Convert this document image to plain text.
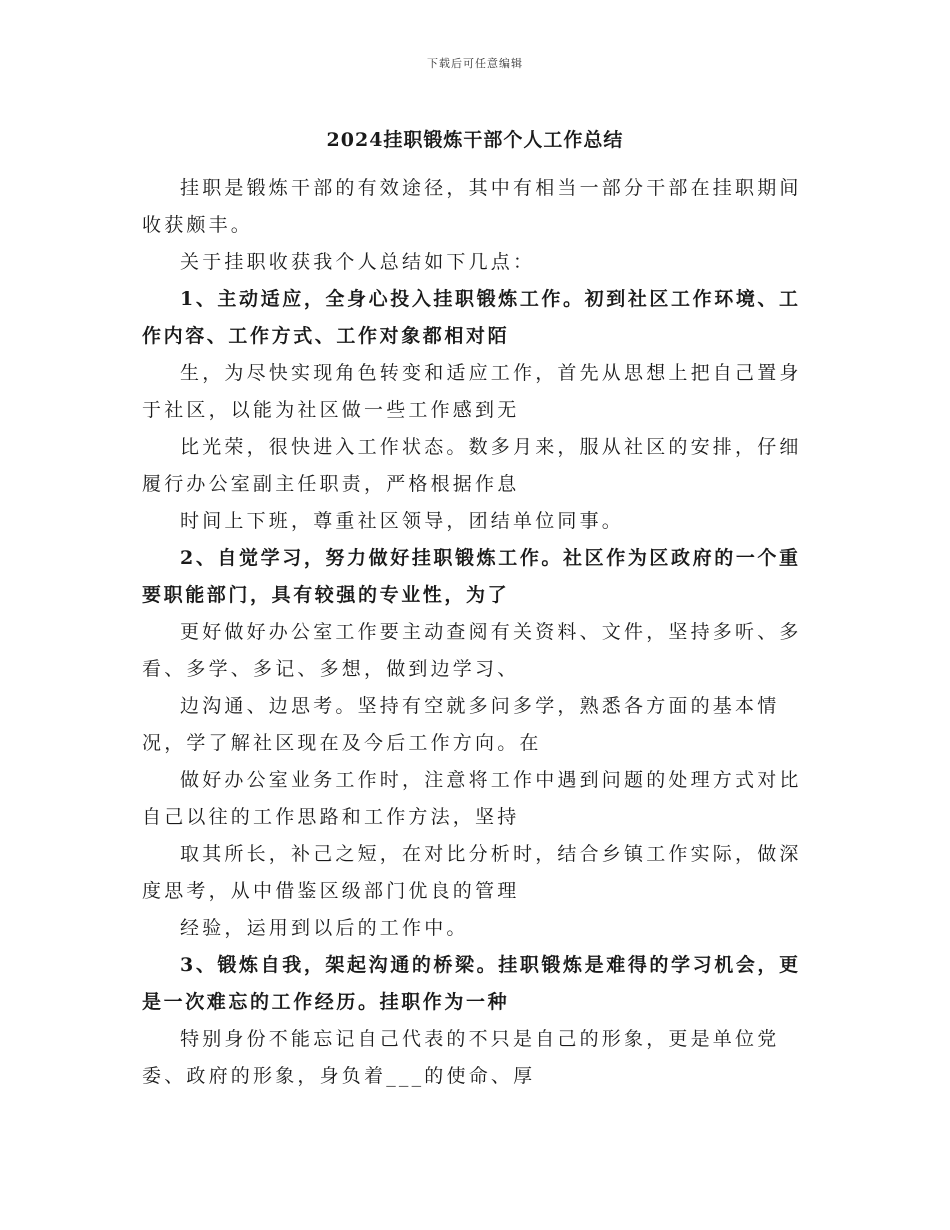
下载后可任意编辑
2024挂职锻炼干部个人工作总结

挂职是锻炼干部的有效途径，其中有相当一部分干部在挂职期间收获颇丰。

关于挂职收获我个人总结如下几点：

1、主动适应，全身心投入挂职锻炼工作。初到社区工作环境、工作内容、工作方式、工作对象都相对陌

生，为尽快实现角色转变和适应工作，首先从思想上把自己置身于社区，以能为社区做一些工作感到无

比光荣，很快进入工作状态。数多月来，服从社区的安排，仔细履行办公室副主任职责，严格根据作息

时间上下班，尊重社区领导，团结单位同事。

2、自觉学习，努力做好挂职锻炼工作。社区作为区政府的一个重要职能部门，具有较强的专业性，为了

更好做好办公室工作要主动查阅有关资料、文件，坚持多听、多看、多学、多记、多想，做到边学习、

边沟通、边思考。坚持有空就多问多学，熟悉各方面的基本情况，学了解社区现在及今后工作方向。在

做好办公室业务工作时，注意将工作中遇到问题的处理方式对比自己以往的工作思路和工作方法，坚持

取其所长，补己之短，在对比分析时，结合乡镇工作实际，做深度思考，从中借鉴区级部门优良的管理

经验，运用到以后的工作中。

3、锻炼自我，架起沟通的桥梁。挂职锻炼是难得的学习机会，更是一次难忘的工作经历。挂职作为一种

特别身份不能忘记自己代表的不只是自己的形象，更是单位党委、政府的形象，身负着___的使命、厚
